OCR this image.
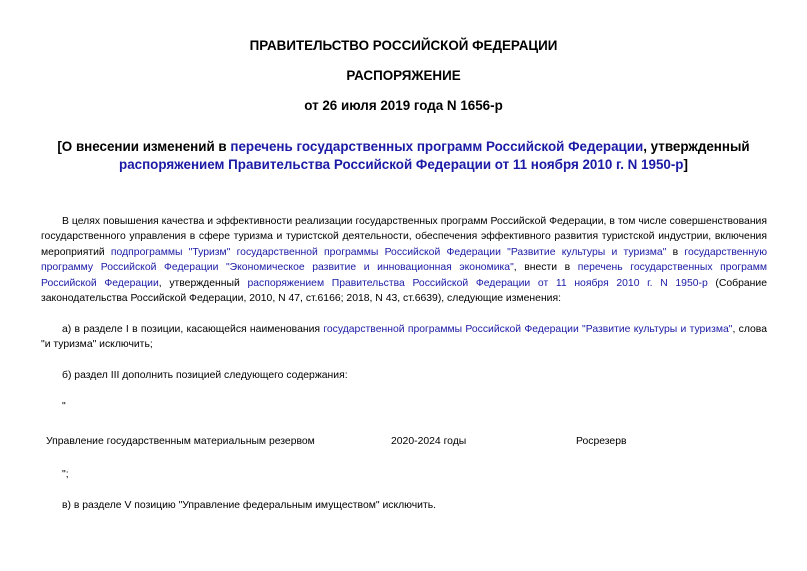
ПРАВИТЕЛЬСТВО РОССИЙСКОЙ ФЕДЕРАЦИИ
РАСПОРЯЖЕНИЕ
от 26 июля 2019 года N 1656-р
[О внесении изменений в перечень государственных программ Российской Федерации, утвержденный распоряжением Правительства Российской Федерации от 11 ноября 2010 г. N 1950-р]
В целях повышения качества и эффективности реализации государственных программ Российской Федерации, в том числе совершенствования государственного управления в сфере туризма и туристской деятельности, обеспечения эффективного развития туристской индустрии, включения мероприятий подпрограммы "Туризм" государственной программы Российской Федерации "Развитие культуры и туризма" в государственную программу Российской Федерации "Экономическое развитие и инновационная экономика", внести в перечень государственных программ Российской Федерации, утвержденный распоряжением Правительства Российской Федерации от 11 ноября 2010 г. N 1950-р (Собрание законодательства Российской Федерации, 2010, N 47, ст.6166; 2018, N 43, ст.6639), следующие изменения:
а) в разделе I в позиции, касающейся наименования государственной программы Российской Федерации "Развитие культуры и туризма", слова "и туризма" исключить;
б) раздел III дополнить позицией следующего содержания:
"
Управление государственным материальным резервом	2020-2024 годы	Росрезерв
";
в) в разделе V позицию "Управление федеральным имуществом" исключить.
